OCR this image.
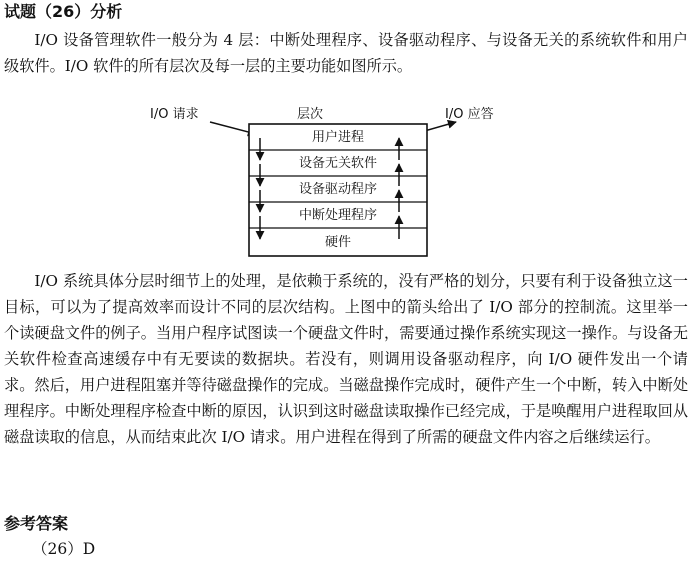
试题（26）分析

I/O 设备管理软件一般分为 4 层：中断处理程序、设备驱动程序、与设备无关的系统软件和用户级软件。I/O 软件的所有层次及每一层的主要功能如图所示。

I/O 请求	层次	I/O 应答
用户进程
设备无关软件
设备驱动程序
中断处理程序
硬件

I/O 系统具体分层时细节上的处理，是依赖于系统的，没有严格的划分，只要有利于设备独立这一目标，可以为了提高效率而设计不同的层次结构。上图中的箭头给出了 I/O 部分的控制流。这里举一个读硬盘文件的例子。当用户程序试图读一个硬盘文件时，需要通过操作系统实现这一操作。与设备无关软件检查高速缓存中有无要读的数据块。若没有，则调用设备驱动程序，向 I/O 硬件发出一个请求。然后，用户进程阻塞并等待磁盘操作的完成。当磁盘操作完成时，硬件产生一个中断，转入中断处理程序。中断处理程序检查中断的原因，认识到这时磁盘读取操作已经完成，于是唤醒用户进程取回从磁盘读取的信息，从而结束此次 I/O 请求。用户进程在得到了所需的硬盘文件内容之后继续运行。

参考答案
（26）D
